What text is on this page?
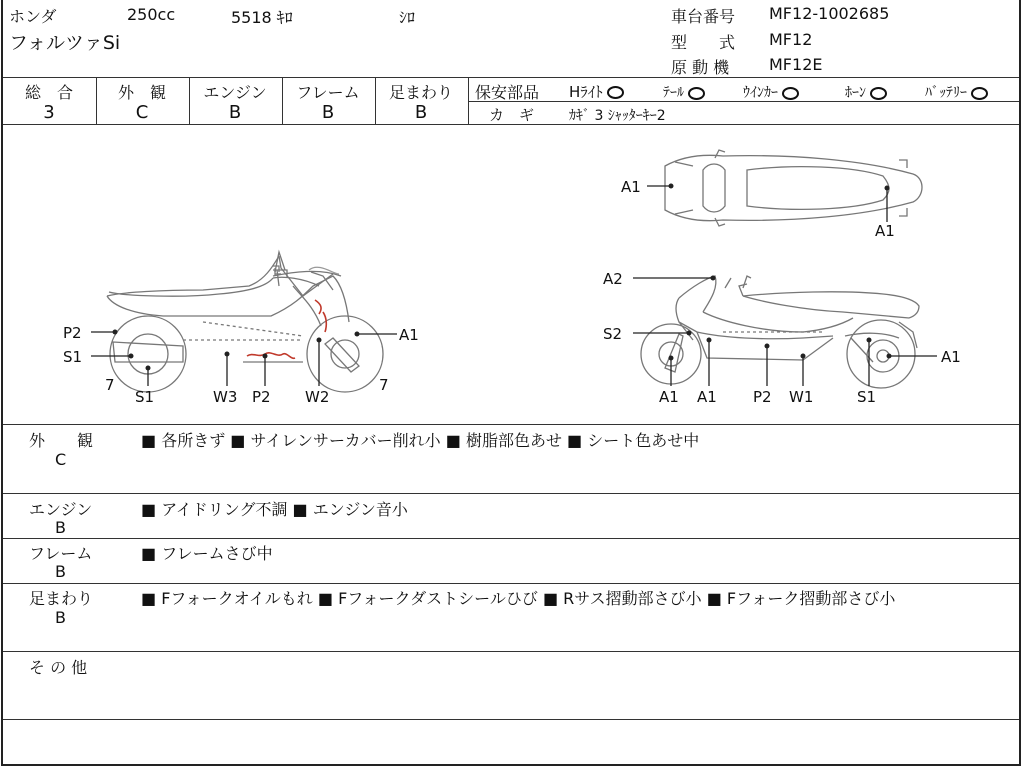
ホンダ	250cc	5518 ｷﾛ	ｼﾛ
フォルツァSi
車台番号 MF12-1002685
型　　式 MF12
原 動 機 MF12E
総　合
3
外　観
C
エンジン
B
フレーム
B
足まわり
B
保安部品 Hﾗｲﾄ	ﾃｰﾙ	ｳｲﾝｶｰ	ﾎｰﾝ	ﾊﾞｯﾃﾘｰ
カ　ギ ｶｷﾞ 3 ｼｬｯﾀｰｷｰ2
A1
A1
P2
S1
A1
7	7
S1	W3 P2 W2
A2
S2
A1
A1 A1 P2 W1	S1
外　　観
C
■ 各所きず ■ サイレンサーカバー削れ小 ■ 樹脂部色あせ ■ シート色あせ中
エンジン
B
■ アイドリング不調 ■ エンジン音小
フレーム
B
■ フレームさび中
足まわり
B
■ Fフォークオイルもれ ■ Fフォークダストシールひび ■ Rサス摺動部さび小 ■ Fフォーク摺動部さび小
そ の 他
